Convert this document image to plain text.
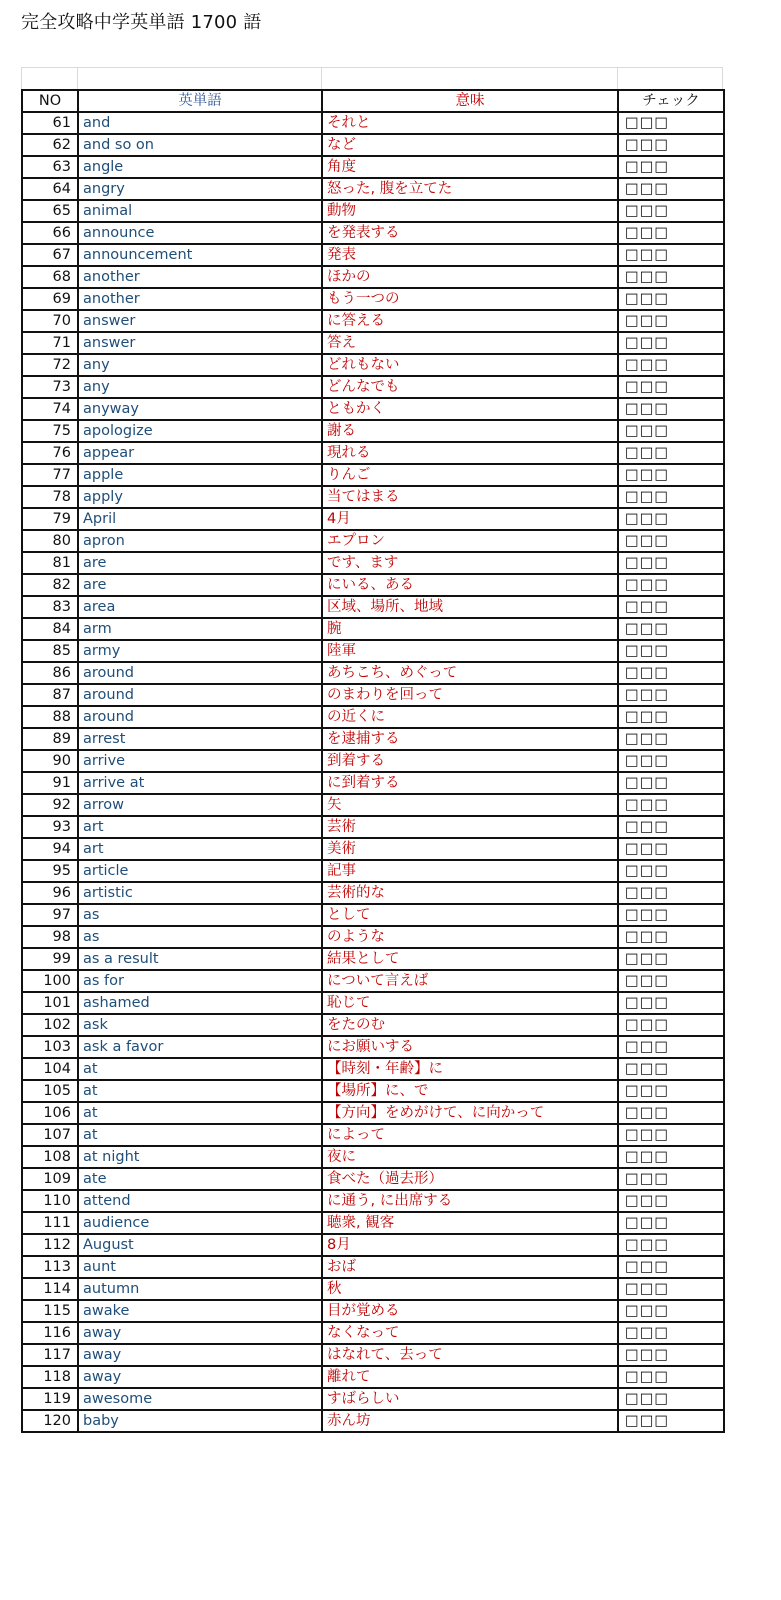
完全攻略中学英単語 1700 語
NO	英単語	意味	チェック
61	and	それと	□□□
62	and so on	など	□□□
63	angle	角度	□□□
64	angry	怒った, 腹を立てた	□□□
65	animal	動物	□□□
66	announce	を発表する	□□□
67	announcement	発表	□□□
68	another	ほかの	□□□
69	another	もう一つの	□□□
70	answer	に答える	□□□
71	answer	答え	□□□
72	any	どれもない	□□□
73	any	どんなでも	□□□
74	anyway	ともかく	□□□
75	apologize	謝る	□□□
76	appear	現れる	□□□
77	apple	りんご	□□□
78	apply	当てはまる	□□□
79	April	4月	□□□
80	apron	エプロン	□□□
81	are	です、ます	□□□
82	are	にいる、ある	□□□
83	area	区域、場所、地域	□□□
84	arm	腕	□□□
85	army	陸軍	□□□
86	around	あちこち、めぐって	□□□
87	around	のまわりを回って	□□□
88	around	の近くに	□□□
89	arrest	を逮捕する	□□□
90	arrive	到着する	□□□
91	arrive at	に到着する	□□□
92	arrow	矢	□□□
93	art	芸術	□□□
94	art	美術	□□□
95	article	記事	□□□
96	artistic	芸術的な	□□□
97	as	として	□□□
98	as	のような	□□□
99	as a result	結果として	□□□
100	as for	について言えば	□□□
101	ashamed	恥じて	□□□
102	ask	をたのむ	□□□
103	ask a favor	にお願いする	□□□
104	at	【時刻・年齢】に	□□□
105	at	【場所】に、で	□□□
106	at	【方向】をめがけて、に向かって	□□□
107	at	によって	□□□
108	at night	夜に	□□□
109	ate	食べた（過去形）	□□□
110	attend	に通う, に出席する	□□□
111	audience	聴衆, 観客	□□□
112	August	8月	□□□
113	aunt	おば	□□□
114	autumn	秋	□□□
115	awake	目が覚める	□□□
116	away	なくなって	□□□
117	away	はなれて、去って	□□□
118	away	離れて	□□□
119	awesome	すばらしい	□□□
120	baby	赤ん坊	□□□
